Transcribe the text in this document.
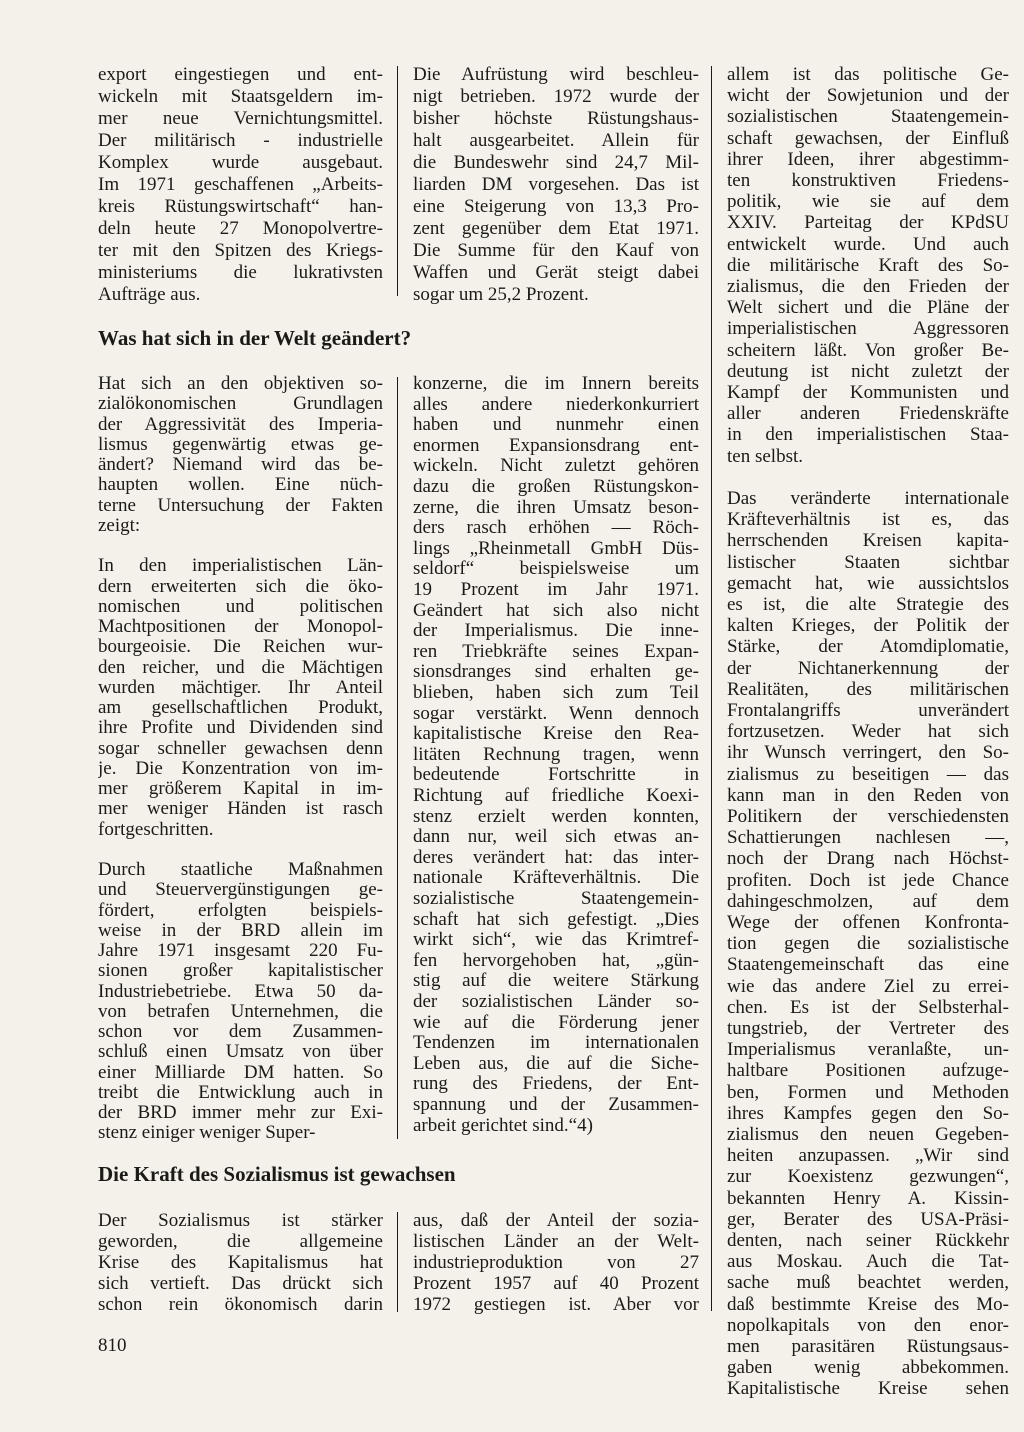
Was hat sich in der Welt geändert?
Die Kraft des Sozialismus ist gewachsen
810
export eingestiegen und ent-
wickeln mit Staatsgeldern im-
mer neue Vernichtungsmittel.
Der militärisch - industrielle
Komplex wurde ausgebaut.
Im 1971 geschaffenen „Arbeits-
kreis Rüstungswirtschaft“ han-
deln heute 27 Monopolvertre-
ter mit den Spitzen des Kriegs-
ministeriums die lukrativsten
Aufträge aus.
Die Aufrüstung wird beschleu-
nigt betrieben. 1972 wurde der
bisher höchste Rüstungshaus-
halt ausgearbeitet. Allein für
die Bundeswehr sind 24,7 Mil-
liarden DM vorgesehen. Das ist
eine Steigerung von 13,3 Pro-
zent gegenüber dem Etat 1971.
Die Summe für den Kauf von
Waffen und Gerät steigt dabei
sogar um 25,2 Prozent.
Hat sich an den objektiven so-
zialökonomischen Grundlagen
der Aggressivität des Imperia-
lismus gegenwärtig etwas ge-
ändert? Niemand wird das be-
haupten wollen. Eine nüch-
terne Untersuchung der Fakten
zeigt:
In den imperialistischen Län-
dern erweiterten sich die öko-
nomischen und politischen
Machtpositionen der Monopol-
bourgeoisie. Die Reichen wur-
den reicher, und die Mächtigen
wurden mächtiger. Ihr Anteil
am gesellschaftlichen Produkt,
ihre Profite und Dividenden sind
sogar schneller gewachsen denn
je. Die Konzentration von im-
mer größerem Kapital in im-
mer weniger Händen ist rasch
fortgeschritten.
Durch staatliche Maßnahmen
und Steuervergünstigungen ge-
fördert, erfolgten beispiels-
weise in der BRD allein im
Jahre 1971 insgesamt 220 Fu-
sionen großer kapitalistischer
Industriebetriebe. Etwa 50 da-
von betrafen Unternehmen, die
schon vor dem Zusammen-
schluß einen Umsatz von über
einer Milliarde DM hatten. So
treibt die Entwicklung auch in
der BRD immer mehr zur Exi-
stenz einiger weniger Super-
konzerne, die im Innern bereits
alles andere niederkonkurriert
haben und nunmehr einen
enormen Expansionsdrang ent-
wickeln. Nicht zuletzt gehören
dazu die großen Rüstungskon-
zerne, die ihren Umsatz beson-
ders rasch erhöhen — Röch-
lings „Rheinmetall GmbH Düs-
seldorf“ beispielsweise um
19 Prozent im Jahr 1971.
Geändert hat sich also nicht
der Imperialismus. Die inne-
ren Triebkräfte seines Expan-
sionsdranges sind erhalten ge-
blieben, haben sich zum Teil
sogar verstärkt. Wenn dennoch
kapitalistische Kreise den Rea-
litäten Rechnung tragen, wenn
bedeutende Fortschritte in
Richtung auf friedliche Koexi-
stenz erzielt werden konnten,
dann nur, weil sich etwas an-
deres verändert hat: das inter-
nationale Kräfteverhältnis. Die
sozialistische Staatengemein-
schaft hat sich gefestigt. „Dies
wirkt sich“, wie das Krimtref-
fen hervorgehoben hat, „gün-
stig auf die weitere Stärkung
der sozialistischen Länder so-
wie auf die Förderung jener
Tendenzen im internationalen
Leben aus, die auf die Siche-
rung des Friedens, der Ent-
spannung und der Zusammen-
arbeit gerichtet sind.“4)
Der Sozialismus ist stärker
geworden, die allgemeine
Krise des Kapitalismus hat
sich vertieft. Das drückt sich
schon rein ökonomisch darin
aus, daß der Anteil der sozia-
listischen Länder an der Welt-
industrieproduktion von 27
Prozent 1957 auf 40 Prozent
1972 gestiegen ist. Aber vor
allem ist das politische Ge-
wicht der Sowjetunion und der
sozialistischen Staatengemein-
schaft gewachsen, der Einfluß
ihrer Ideen, ihrer abgestimm-
ten konstruktiven Friedens-
politik, wie sie auf dem
XXIV. Parteitag der KPdSU
entwickelt wurde. Und auch
die militärische Kraft des So-
zialismus, die den Frieden der
Welt sichert und die Pläne der
imperialistischen Aggressoren
scheitern läßt. Von großer Be-
deutung ist nicht zuletzt der
Kampf der Kommunisten und
aller anderen Friedenskräfte
in den imperialistischen Staa-
ten selbst.
Das veränderte internationale
Kräfteverhältnis ist es, das
herrschenden Kreisen kapita-
listischer Staaten sichtbar
gemacht hat, wie aussichtslos
es ist, die alte Strategie des
kalten Krieges, der Politik der
Stärke, der Atomdiplomatie,
der Nichtanerkennung der
Realitäten, des militärischen
Frontalangriffs unverändert
fortzusetzen. Weder hat sich
ihr Wunsch verringert, den So-
zialismus zu beseitigen — das
kann man in den Reden von
Politikern der verschiedensten
Schattierungen nachlesen —,
noch der Drang nach Höchst-
profiten. Doch ist jede Chance
dahingeschmolzen, auf dem
Wege der offenen Konfronta-
tion gegen die sozialistische
Staatengemeinschaft das eine
wie das andere Ziel zu errei-
chen. Es ist der Selbsterhal-
tungstrieb, der Vertreter des
Imperialismus veranlaßte, un-
haltbare Positionen aufzuge-
ben, Formen und Methoden
ihres Kampfes gegen den So-
zialismus den neuen Gegeben-
heiten anzupassen. „Wir sind
zur Koexistenz gezwungen“,
bekannten Henry A. Kissin-
ger, Berater des USA-Präsi-
denten, nach seiner Rückkehr
aus Moskau. Auch die Tat-
sache muß beachtet werden,
daß bestimmte Kreise des Mo-
nopolkapitals von den enor-
men parasitären Rüstungsaus-
gaben wenig abbekommen.
Kapitalistische Kreise sehen
